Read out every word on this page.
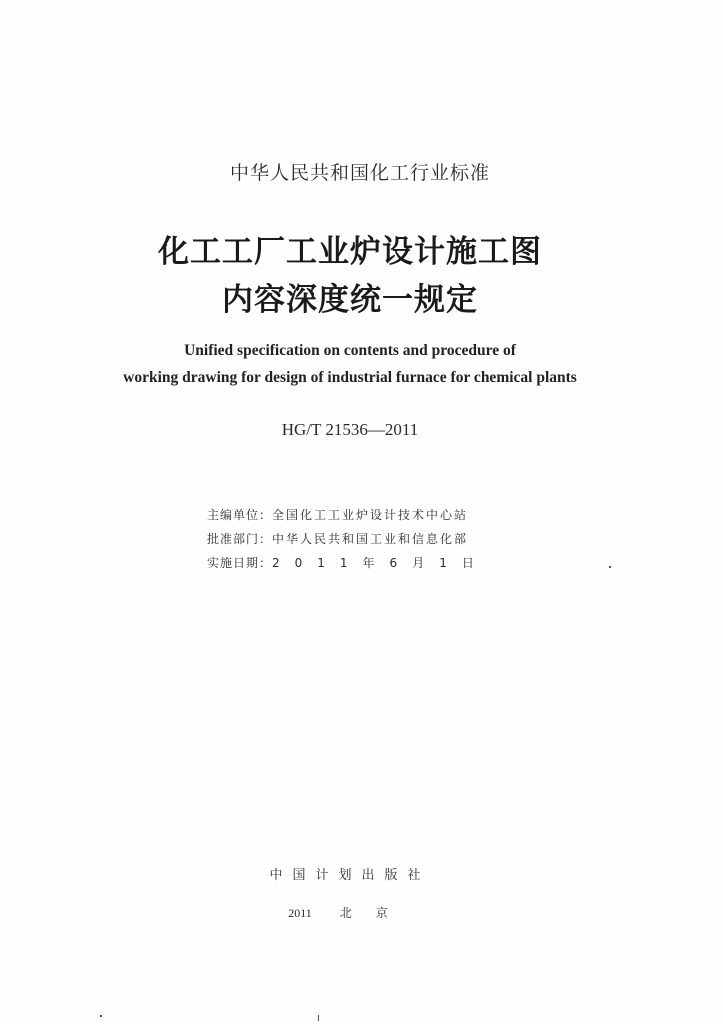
中华人民共和国化工行业标准
化工工厂工业炉设计施工图
内容深度统一规定
Unified specification on contents and procedure of
working drawing for design of industrial furnace for chemical plants
HG/T 21536—2011
主编单位：全国化工工业炉设计技术中心站
批准部门：中华人民共和国工业和信息化部
实施日期：2011年6月1日
中国计划出版社
2011 北京
